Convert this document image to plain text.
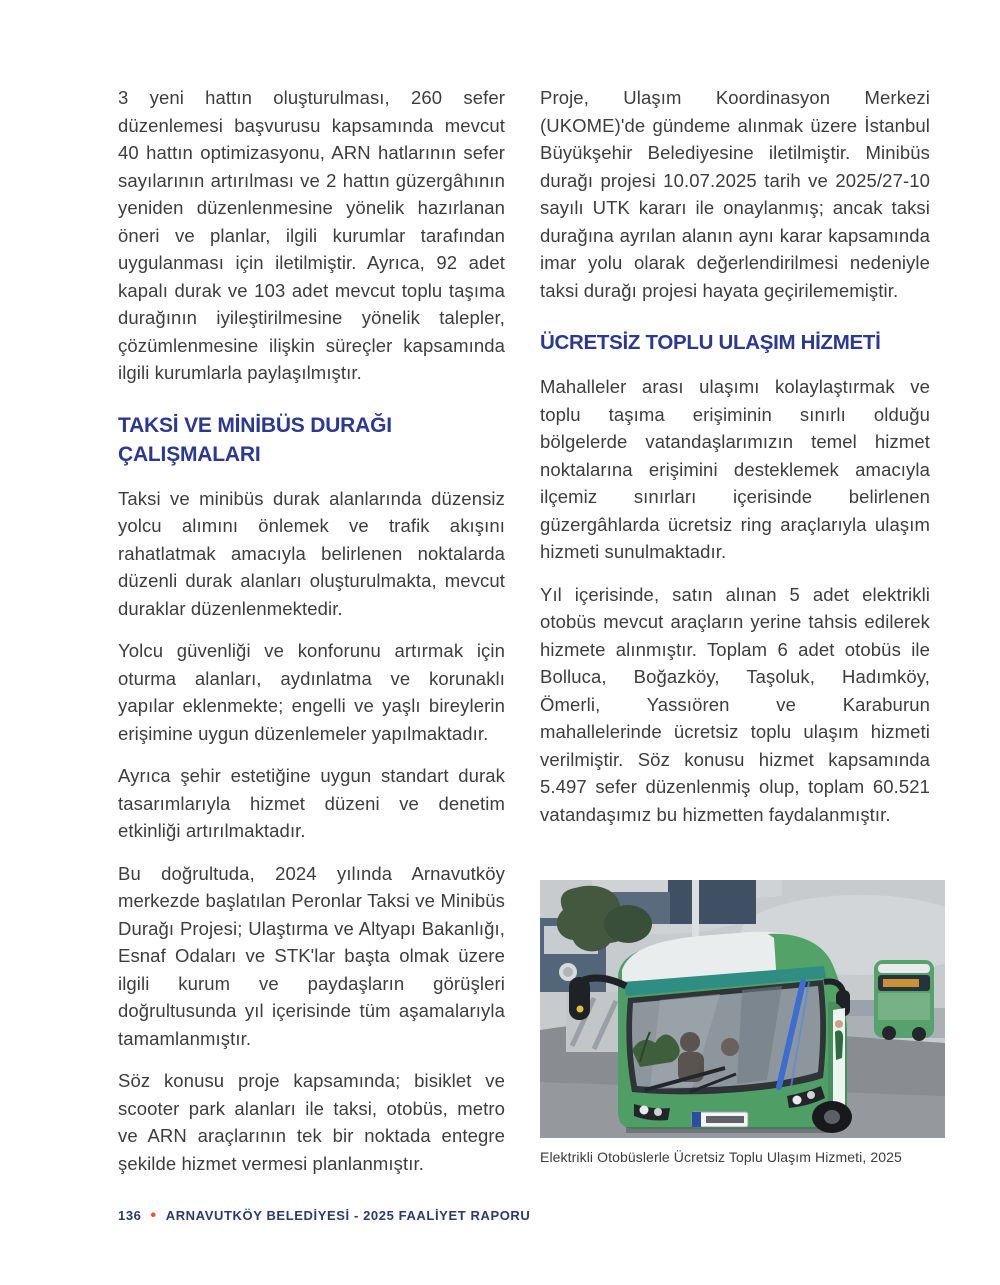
3 yeni hattın oluşturulması, 260 sefer düzenlemesi başvurusu kapsamında mevcut 40 hattın optimizasyonu, ARN hatlarının sefer sayılarının artırılması ve 2 hattın güzergâhının yeniden düzenlenmesine yönelik hazırlanan öneri ve planlar, ilgili kurumlar tarafından uygulanması için iletilmiştir. Ayrıca, 92 adet kapalı durak ve 103 adet mevcut toplu taşıma durağının iyileştirilmesine yönelik talepler, çözümlenmesine ilişkin süreçler kapsamında ilgili kurumlarla paylaşılmıştır.

TAKSİ VE MİNİBÜS DURAĞI ÇALIŞMALARI

Taksi ve minibüs durak alanlarında düzensiz yolcu alımını önlemek ve trafik akışını rahatlatmak amacıyla belirlenen noktalarda düzenli durak alanları oluşturulmakta, mevcut duraklar düzenlenmektedir.

Yolcu güvenliği ve konforunu artırmak için oturma alanları, aydınlatma ve korunaklı yapılar eklenmekte; engelli ve yaşlı bireylerin erişimine uygun düzenlemeler yapılmaktadır.

Ayrıca şehir estetiğine uygun standart durak tasarımlarıyla hizmet düzeni ve denetim etkinliği artırılmaktadır.

Bu doğrultuda, 2024 yılında Arnavutköy merkezde başlatılan Peronlar Taksi ve Minibüs Durağı Projesi; Ulaştırma ve Altyapı Bakanlığı, Esnaf Odaları ve STK'lar başta olmak üzere ilgili kurum ve paydaşların görüşleri doğrultusunda yıl içerisinde tüm aşamalarıyla tamamlanmıştır.

Söz konusu proje kapsamında; bisiklet ve scooter park alanları ile taksi, otobüs, metro ve ARN araçlarının tek bir noktada entegre şekilde hizmet vermesi planlanmıştır.

Proje, Ulaşım Koordinasyon Merkezi (UKOME)'de gündeme alınmak üzere İstanbul Büyükşehir Belediyesine iletilmiştir. Minibüs durağı projesi 10.07.2025 tarih ve 2025/27-10 sayılı UTK kararı ile onaylanmış; ancak taksi durağına ayrılan alanın aynı karar kapsamında imar yolu olarak değerlendirilmesi nedeniyle taksi durağı projesi hayata geçirilememiştir.

ÜCRETSİZ TOPLU ULAŞIM HİZMETİ

Mahalleler arası ulaşımı kolaylaştırmak ve toplu taşıma erişiminin sınırlı olduğu bölgelerde vatandaşlarımızın temel hizmet noktalarına erişimini desteklemek amacıyla ilçemiz sınırları içerisinde belirlenen güzergâhlarda ücretsiz ring araçlarıyla ulaşım hizmeti sunulmaktadır.

Yıl içerisinde, satın alınan 5 adet elektrikli otobüs mevcut araçların yerine tahsis edilerek hizmete alınmıştır. Toplam 6 adet otobüs ile Bolluca, Boğazköy, Taşoluk, Hadımköy, Ömerli, Yassıören ve Karaburun mahallelerinde ücretsiz toplu ulaşım hizmeti verilmiştir. Söz konusu hizmet kapsamında 5.497 sefer düzenlenmiş olup, toplam 60.521 vatandaşımız bu hizmetten faydalanmıştır.

Elektrikli Otobüslerle Ücretsiz Toplu Ulaşım Hizmeti, 2025
136 • ARNAVUTKÖY BELEDİYESİ - 2025 FAALİYET RAPORU
